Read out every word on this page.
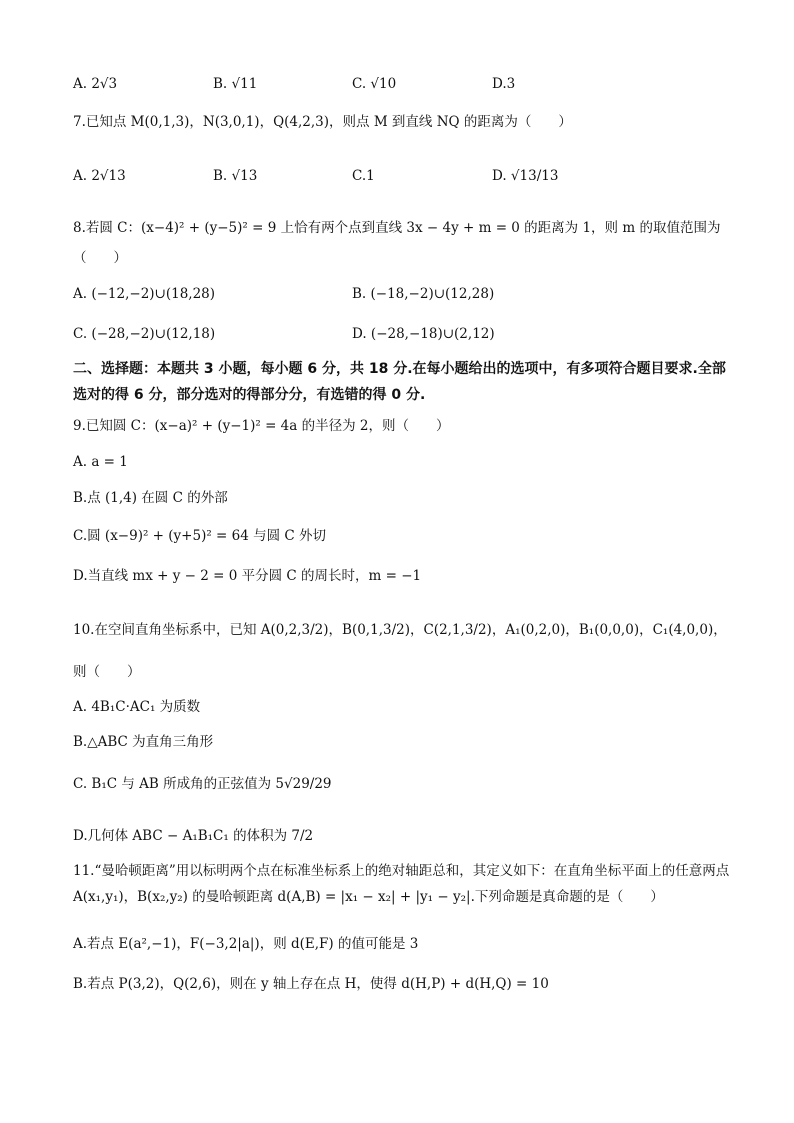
A. 2√3	B. √11	C. √10	D.3
7.已知点 M(0,1,3)，N(3,0,1)，Q(4,2,3)，则点 M 到直线 NQ 的距离为（　　）
A. 2√13	B. √13	C.1	D. √13/13
8.若圆 C：(x−4)² + (y−5)² = 9 上恰有两个点到直线 3x − 4y + m = 0 的距离为 1，则 m 的取值范围为
（　　）
A. (−12,−2)∪(18,28)	B. (−18,−2)∪(12,28)
C. (−28,−2)∪(12,18)	D. (−28,−18)∪(2,12)
二、选择题：本题共 3 小题，每小题 6 分，共 18 分.在每小题给出的选项中，有多项符合题目要求.全部选对的得 6 分，部分选对的得部分分，有选错的得 0 分.
9.已知圆 C：(x−a)² + (y−1)² = 4a 的半径为 2，则（　　）
A. a = 1
B.点 (1,4) 在圆 C 的外部
C.圆 (x−9)² + (y+5)² = 64 与圆 C 外切
D.当直线 mx + y − 2 = 0 平分圆 C 的周长时，m = −1
10.在空间直角坐标系中，已知 A(0,2,3/2)，B(0,1,3/2)，C(2,1,3/2)，A₁(0,2,0)，B₁(0,0,0)，C₁(4,0,0)，
则（　　）
A. 4B₁C·AC₁ 为质数
B.△ABC 为直角三角形
C. B₁C 与 AB 所成角的正弦值为 5√29/29
D.几何体 ABC − A₁B₁C₁ 的体积为 7/2
11.“曼哈顿距离”用以标明两个点在标准坐标系上的绝对轴距总和，其定义如下：在直角坐标平面上的任意两点 A(x₁,y₁)，B(x₂,y₂) 的曼哈顿距离 d(A,B) = |x₁ − x₂| + |y₁ − y₂|.下列命题是真命题的是（　　）
A.若点 E(a²,−1)，F(−3,2|a|)，则 d(E,F) 的值可能是 3
B.若点 P(3,2)，Q(2,6)，则在 y 轴上存在点 H，使得 d(H,P) + d(H,Q) = 10
